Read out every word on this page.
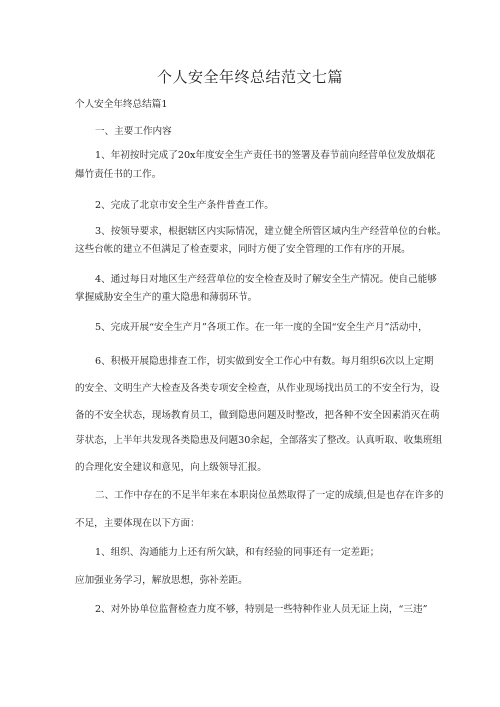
个人安全年终总结范文七篇
个人安全年终总结篇1
一、主要工作内容
1、年初按时完成了20x年度安全生产责任书的签署及春节前向经营单位发放烟花
爆竹责任书的工作。
2、完成了北京市安全生产条件普查工作。
3、按领导要求，根据辖区内实际情况，建立健全所管区域内生产经营单位的台帐。
这些台帐的建立不但满足了检查要求，同时方便了安全管理的工作有序的开展。
4、通过每日对地区生产经营单位的安全检查及时了解安全生产情况。使自己能够
掌握威胁安全生产的重大隐患和薄弱环节。
5、完成开展“安全生产月”各项工作。在一年一度的全国“安全生产月”活动中，
6、积极开展隐患排查工作，切实做到安全工作心中有数。每月组织6次以上定期
的安全、文明生产大检查及各类专项安全检查，从作业现场找出员工的不安全行为，设
备的不安全状态，现场教育员工，做到隐患问题及时整改，把各种不安全因素消灭在萌
芽状态，上半年共发现各类隐患及问题30余起，全部落实了整改。认真听取、收集班组
的合理化安全建议和意见，向上级领导汇报。
二、工作中存在的不足半年来在本职岗位虽然取得了一定的成绩,但是也存在许多的
不足，主要体现在以下方面：
1、组织、沟通能力上还有所欠缺，和有经验的同事还有一定差距；
应加强业务学习，解放思想，弥补差距。
2、对外协单位监督检查力度不够，特别是一些特种作业人员无证上岗，“三违”
